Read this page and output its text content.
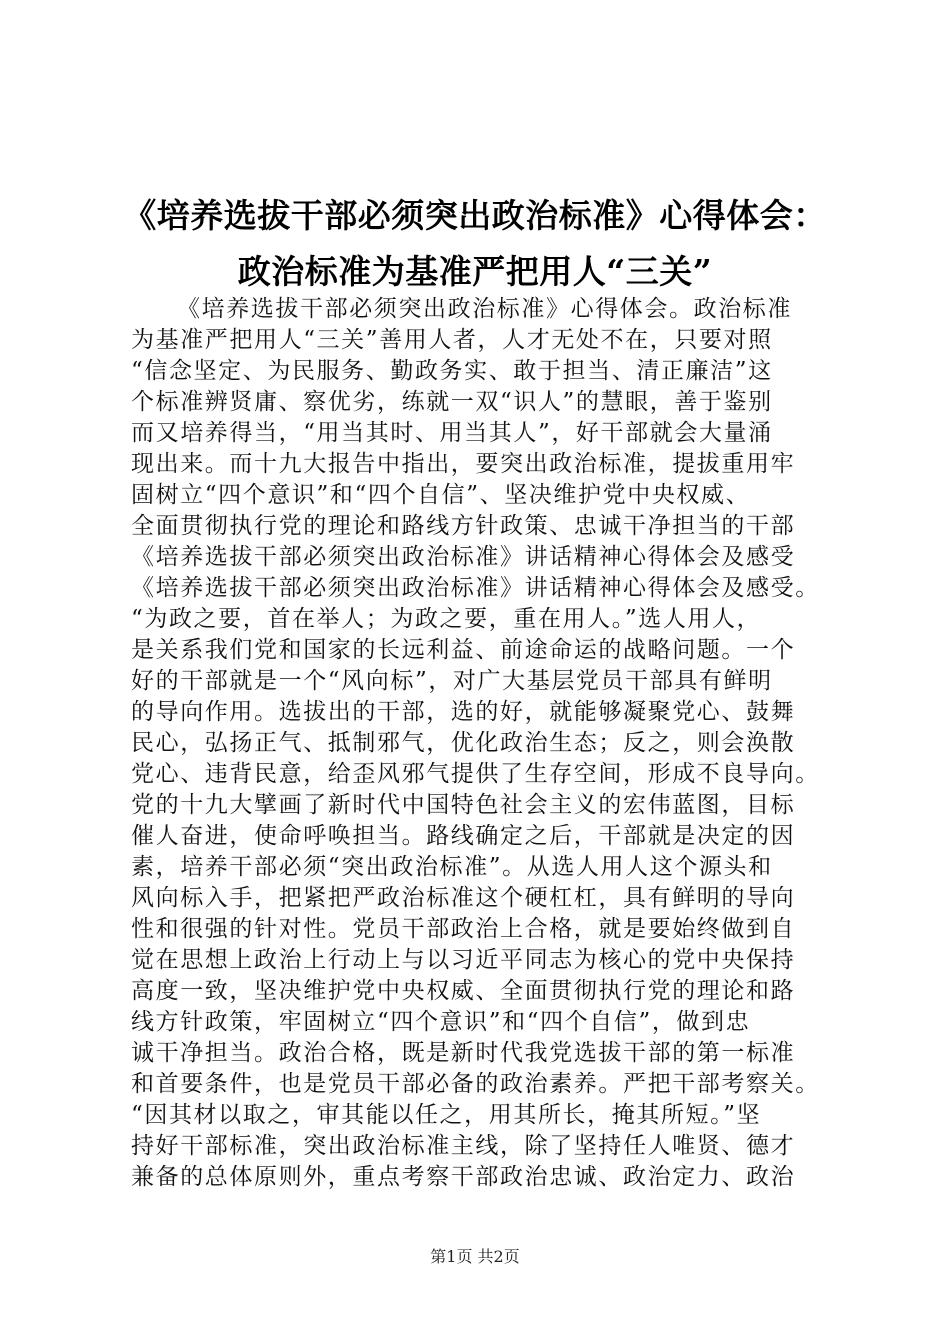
《培养选拔干部必须突出政治标准》心得体会：
政治标准为基准严把用人“三关”
《培养选拔干部必须突出政治标准》心得体会。政治标准
为基准严把用人“三关”善用人者，人才无处不在，只要对照
“信念坚定、为民服务、勤政务实、敢于担当、清正廉洁”这
个标准辨贤庸、察优劣，练就一双“识人”的慧眼，善于鉴别
而又培养得当，“用当其时、用当其人”，好干部就会大量涌
现出来。而十九大报告中指出，要突出政治标准，提拔重用牢
固树立“四个意识”和“四个自信”、坚决维护党中央权威、
全面贯彻执行党的理论和路线方针政策、忠诚干净担当的干部
《培养选拔干部必须突出政治标准》讲话精神心得体会及感受
《培养选拔干部必须突出政治标准》讲话精神心得体会及感受。
“为政之要，首在举人；为政之要，重在用人。”选人用人，
是关系我们党和国家的长远利益、前途命运的战略问题。一个
好的干部就是一个“风向标”，对广大基层党员干部具有鲜明
的导向作用。选拔出的干部，选的好，就能够凝聚党心、鼓舞
民心，弘扬正气、抵制邪气，优化政治生态；反之，则会涣散
党心、违背民意，给歪风邪气提供了生存空间，形成不良导向。
党的十九大擘画了新时代中国特色社会主义的宏伟蓝图，目标
催人奋进，使命呼唤担当。路线确定之后，干部就是决定的因
素，培养干部必须“突出政治标准”。从选人用人这个源头和
风向标入手，把紧把严政治标准这个硬杠杠，具有鲜明的导向
性和很强的针对性。党员干部政治上合格，就是要始终做到自
觉在思想上政治上行动上与以习近平同志为核心的党中央保持
高度一致，坚决维护党中央权威、全面贯彻执行党的理论和路
线方针政策，牢固树立“四个意识”和“四个自信”，做到忠
诚干净担当。政治合格，既是新时代我党选拔干部的第一标准
和首要条件，也是党员干部必备的政治素养。严把干部考察关。
“因其材以取之，审其能以任之，用其所长，掩其所短。”坚
持好干部标准，突出政治标准主线，除了坚持任人唯贤、德才
兼备的总体原则外，重点考察干部政治忠诚、政治定力、政治
第1页 共2页
